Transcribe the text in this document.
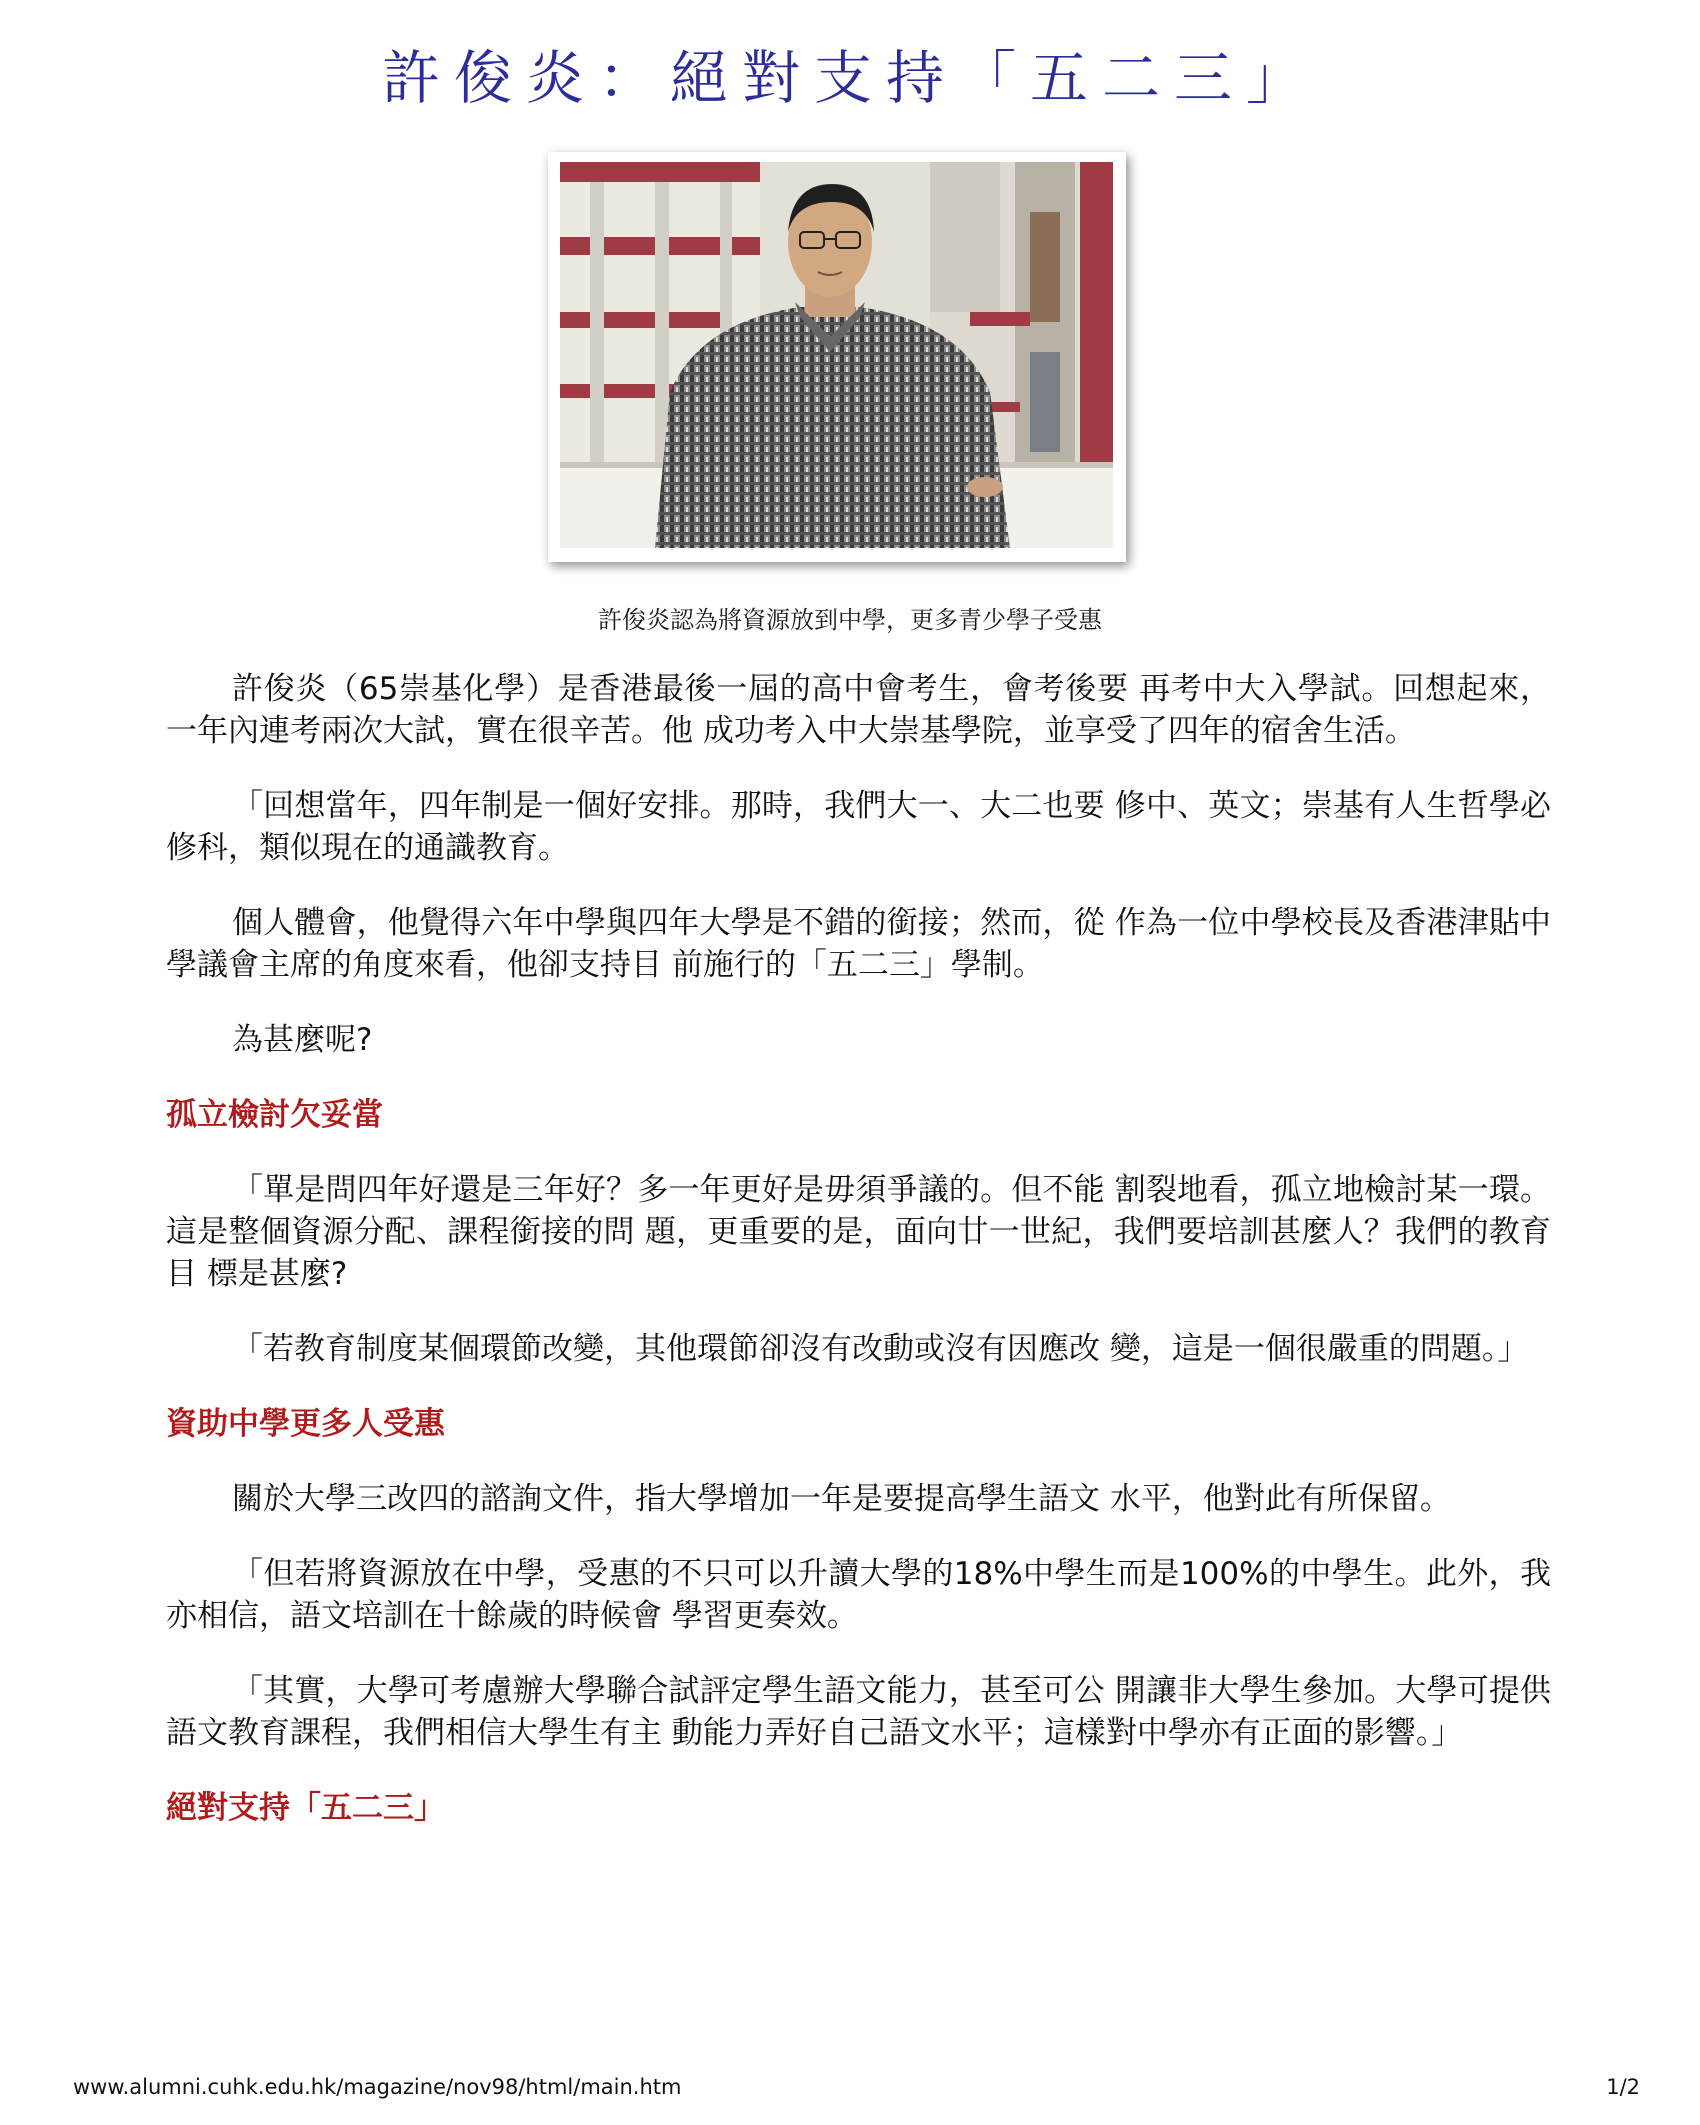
許俊炎：絕對支持「五二三」
許俊炎認為將資源放到中學，更多青少學子受惠

許俊炎（65崇基化學）是香港最後一屆的高中會考生，會考後要 再考中大入學試。回想起來，一年內連考兩次大試，實在很辛苦。他 成功考入中大崇基學院，並享受了四年的宿舍生活。

「回想當年，四年制是一個好安排。那時，我們大一、大二也要 修中、英文；崇基有人生哲學必修科，類似現在的通識教育。

個人體會，他覺得六年中學與四年大學是不錯的銜接；然而，從 作為一位中學校長及香港津貼中學議會主席的角度來看，他卻支持目 前施行的「五二三」學制。

為甚麼呢?

孤立檢討欠妥當

「單是問四年好還是三年好？多一年更好是毋須爭議的。但不能 割裂地看，孤立地檢討某一環。這是整個資源分配、課程銜接的問 題，更重要的是，面向廿一世紀，我們要培訓甚麼人？我們的教育目 標是甚麼?

「若教育制度某個環節改變，其他環節卻沒有改動或沒有因應改 變，這是一個很嚴重的問題。」

資助中學更多人受惠

關於大學三改四的諮詢文件，指大學增加一年是要提高學生語文 水平，他對此有所保留。

「但若將資源放在中學，受惠的不只可以升讀大學的18%中學生而是100%的中學生。此外，我亦相信，語文培訓在十餘歲的時候會 學習更奏效。

「其實，大學可考慮辦大學聯合試評定學生語文能力，甚至可公 開讓非大學生參加。大學可提供語文教育課程，我們相信大學生有主 動能力弄好自己語文水平；這樣對中學亦有正面的影響。」

絕對支持「五二三」
www.alumni.cuhk.edu.hk/magazine/nov98/html/main.htm	1/2
